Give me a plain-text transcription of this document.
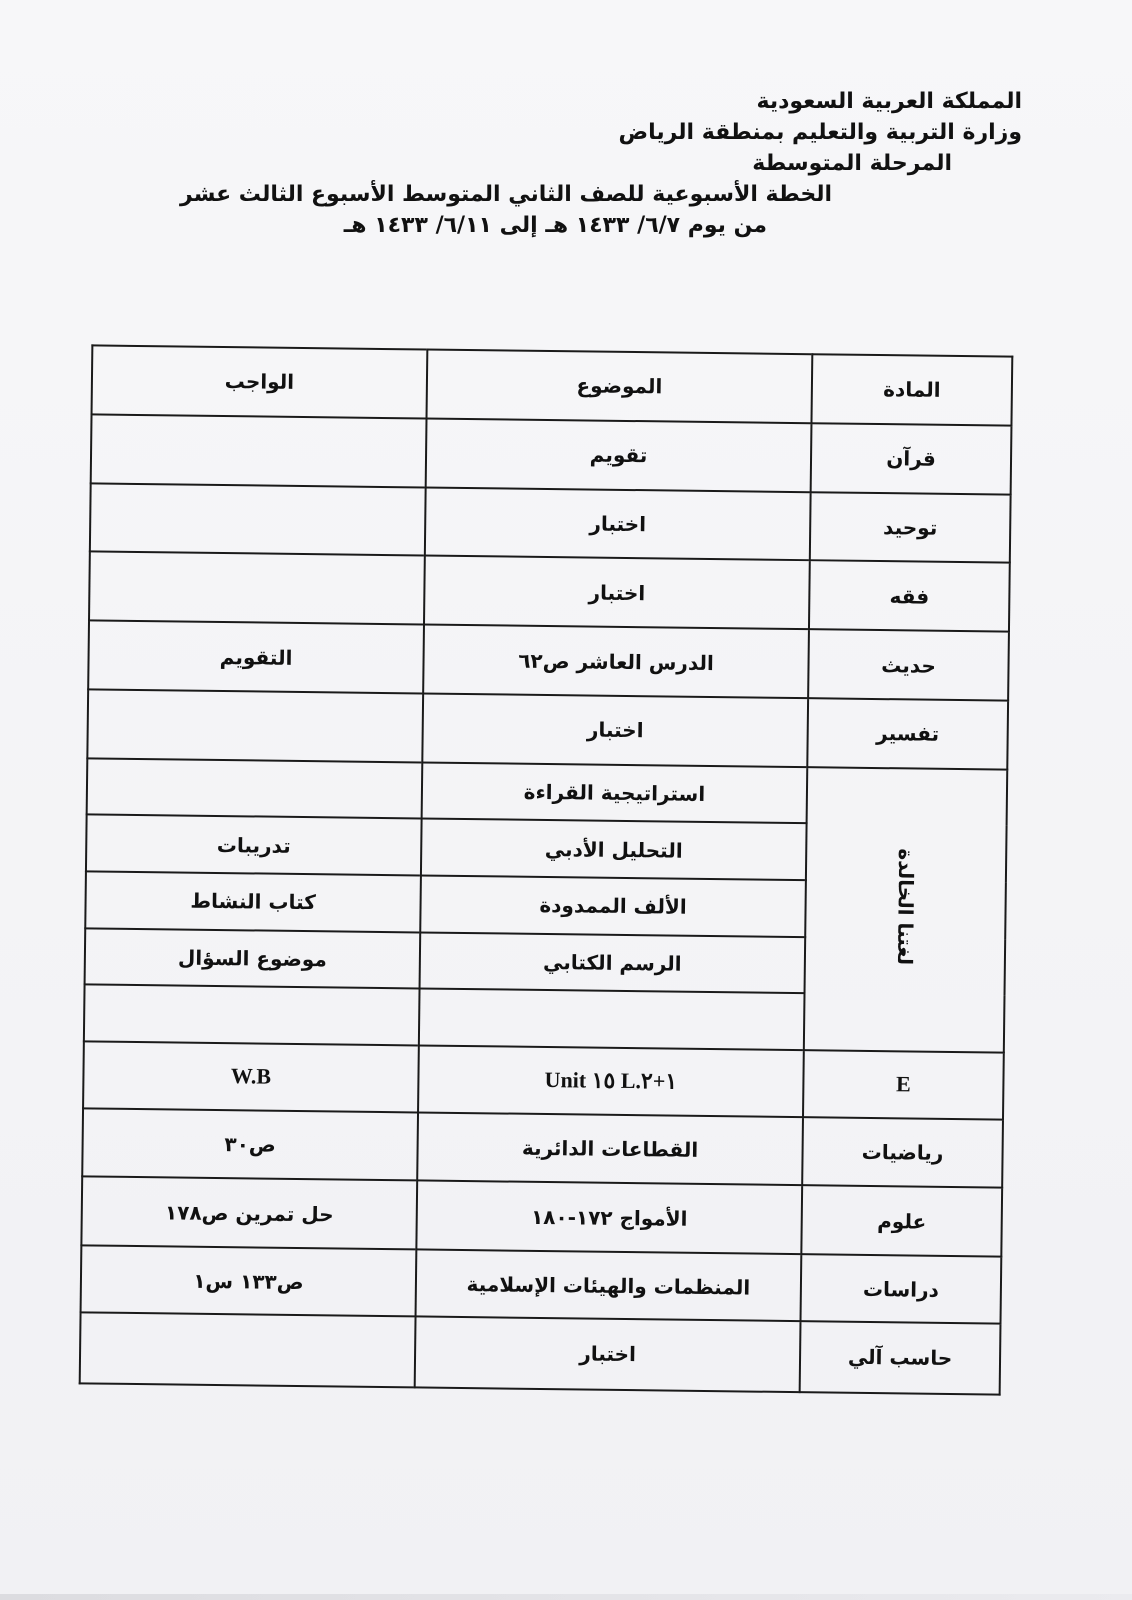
المملكة العربية السعودية
وزارة التربية والتعليم بمنطقة الرياض
المرحلة المتوسطة
الخطة الأسبوعية للصف الثاني المتوسط الأسبوع الثالث عشر
من يوم ٦/٧/ ١٤٣٣ هـ إلى ٦/١١/ ١٤٣٣ هـ
المادة	الموضوع	الواجب
قرآن	تقويم	
توحيد	اختبار	
فقه	اختبار	
حديث	الدرس العاشر ص٦٢	التقويم
تفسير	اختبار	
لغتنا الخالدة	استراتيجية القراءة	
	التحليل الأدبي	تدريبات
	الألف الممدودة	كتاب النشاط
	الرسم الكتابي	موضوع السؤال

E	Unit ١٥ L.١+٢	W.B
رياضيات	القطاعات الدائرية	ص٣٠
علوم	الأمواج ١٧٢-١٨٠	حل تمرين ص١٧٨
دراسات	المنظمات والهيئات الإسلامية	ص١٣٣ س١
حاسب آلي	اختبار	
